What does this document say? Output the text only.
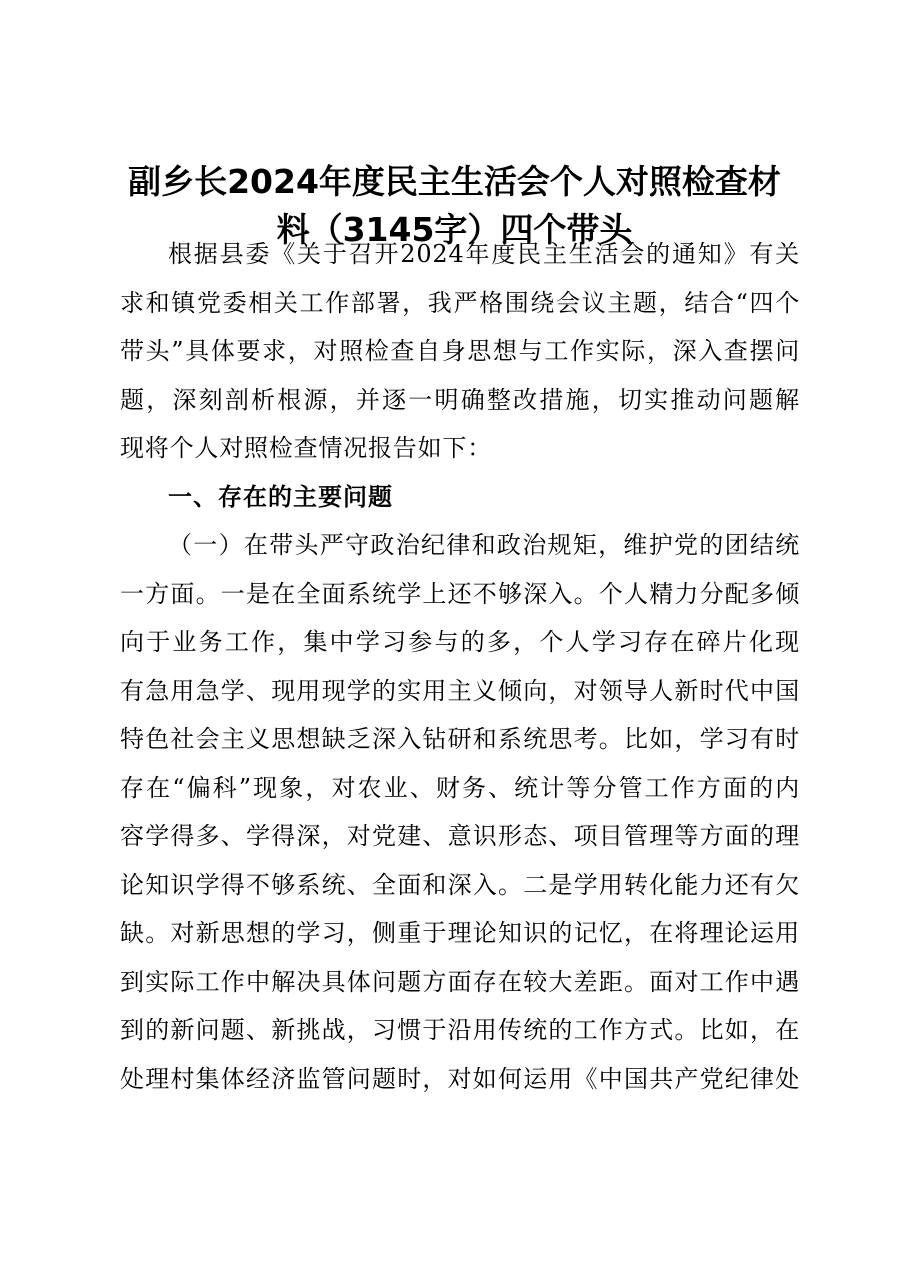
副乡长2024年度民主生活会个人对照检查材
料（3145字）四个带头
根据县委《关于召开2024年度民主生活会的通知》有关
求和镇党委相关工作部署，我严格围绕会议主题，结合“四个
带头”具体要求，对照检查自身思想与工作实际，深入查摆问
题，深刻剖析根源，并逐一明确整改措施，切实推动问题解
现将个人对照检查情况报告如下：
一、存在的主要问题
（一）在带头严守政治纪律和政治规矩，维护党的团结统
一方面。一是在全面系统学上还不够深入。个人精力分配多倾
向于业务工作，集中学习参与的多，个人学习存在碎片化现
有急用急学、现用现学的实用主义倾向，对领导人新时代中国
特色社会主义思想缺乏深入钻研和系统思考。比如，学习有时
存在“偏科”现象，对农业、财务、统计等分管工作方面的内
容学得多、学得深，对党建、意识形态、项目管理等方面的理
论知识学得不够系统、全面和深入。二是学用转化能力还有欠
缺。对新思想的学习，侧重于理论知识的记忆，在将理论运用
到实际工作中解决具体问题方面存在较大差距。面对工作中遇
到的新问题、新挑战，习惯于沿用传统的工作方式。比如，在
处理村集体经济监管问题时，对如何运用《中国共产党纪律处
